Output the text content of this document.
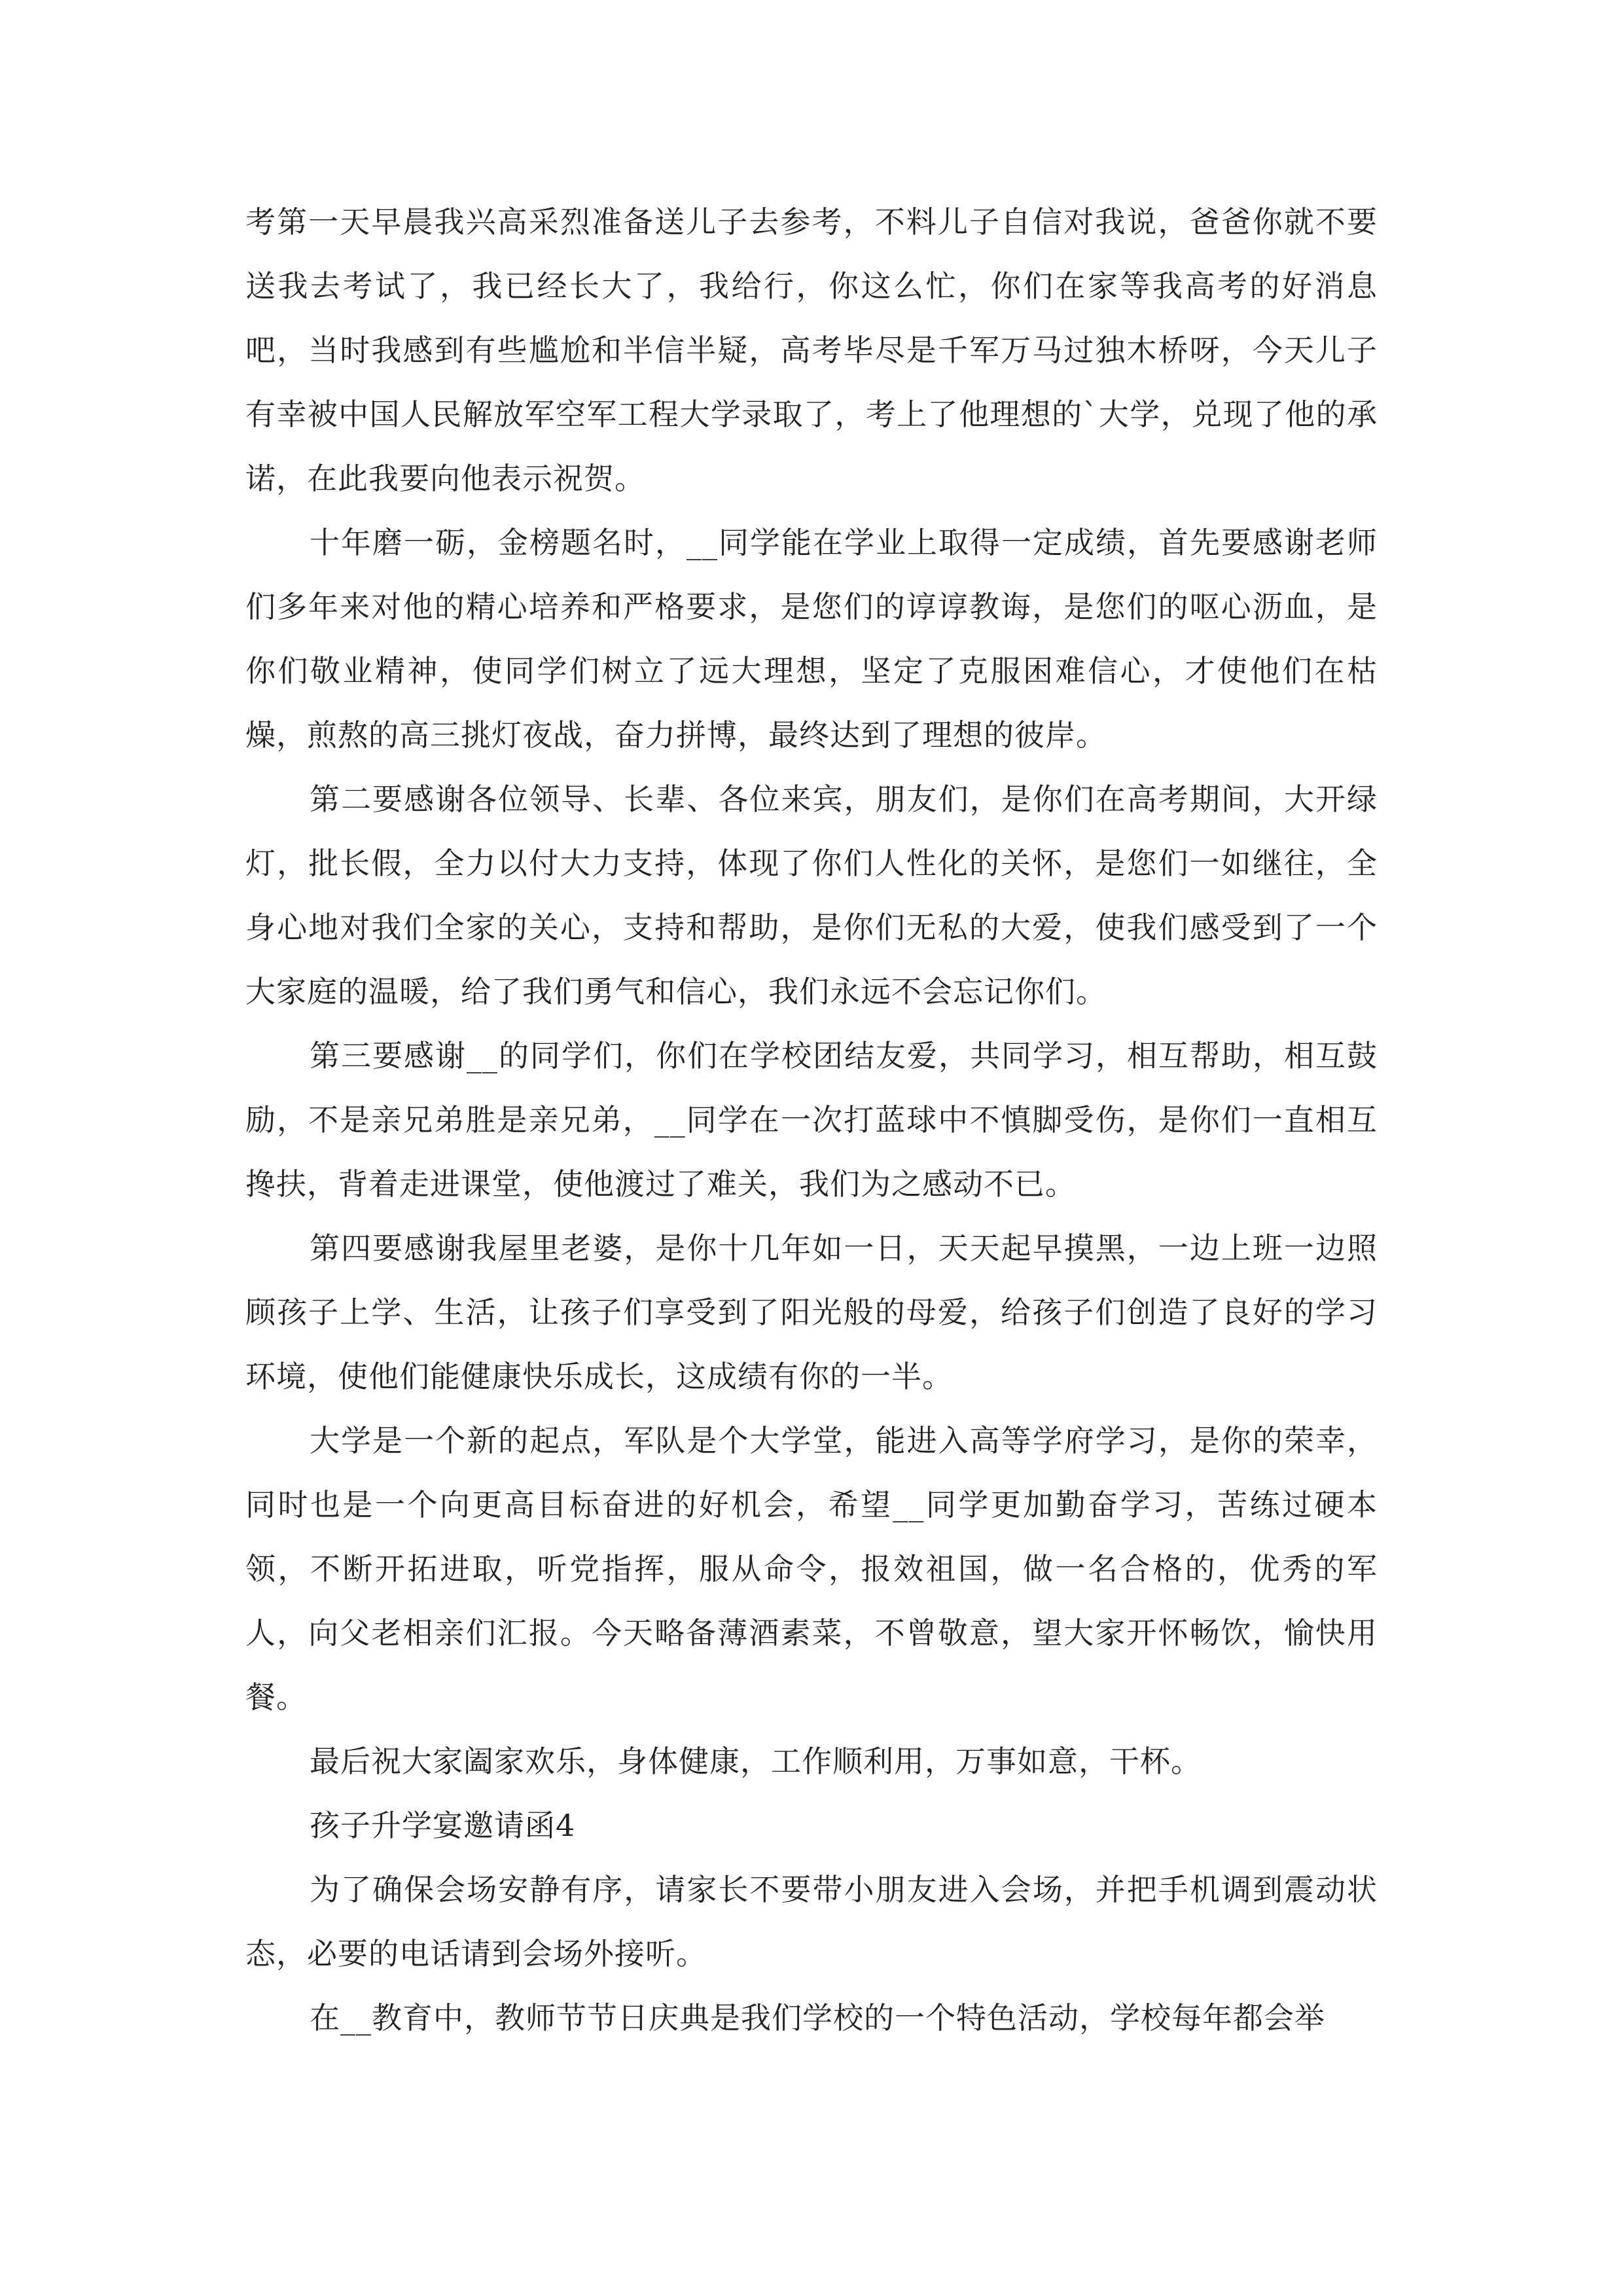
考第一天早晨我兴高采烈准备送儿子去参考，不料儿子自信对我说，爸爸你就不要送我去考试了，我已经长大了，我给行，你这么忙，你们在家等我高考的好消息吧，当时我感到有些尴尬和半信半疑，高考毕尽是千军万马过独木桥呀，今天儿子有幸被中国人民解放军空军工程大学录取了，考上了他理想的`大学，兑现了他的承诺，在此我要向他表示祝贺。

十年磨一砺，金榜题名时，__同学能在学业上取得一定成绩，首先要感谢老师们多年来对他的精心培养和严格要求，是您们的谆谆教诲，是您们的呕心沥血，是你们敬业精神，使同学们树立了远大理想，坚定了克服困难信心，才使他们在枯燥，煎熬的高三挑灯夜战，奋力拼博，最终达到了理想的彼岸。

第二要感谢各位领导、长辈、各位来宾，朋友们，是你们在高考期间，大开绿灯，批长假，全力以付大力支持，体现了你们人性化的关怀，是您们一如继往，全身心地对我们全家的关心，支持和帮助，是你们无私的大爱，使我们感受到了一个大家庭的温暖，给了我们勇气和信心，我们永远不会忘记你们。

第三要感谢__的同学们，你们在学校团结友爱，共同学习，相互帮助，相互鼓励，不是亲兄弟胜是亲兄弟，__同学在一次打蓝球中不慎脚受伤，是你们一直相互搀扶，背着走进课堂，使他渡过了难关，我们为之感动不已。

第四要感谢我屋里老婆，是你十几年如一日，天天起早摸黑，一边上班一边照顾孩子上学、生活，让孩子们享受到了阳光般的母爱，给孩子们创造了良好的学习环境，使他们能健康快乐成长，这成绩有你的一半。

大学是一个新的起点，军队是个大学堂，能进入高等学府学习，是你的荣幸，同时也是一个向更高目标奋进的好机会，希望__同学更加勤奋学习，苦练过硬本领，不断开拓进取，听党指挥，服从命令，报效祖国，做一名合格的，优秀的军人，向父老相亲们汇报。今天略备薄酒素菜，不曾敬意，望大家开怀畅饮，愉快用餐。

最后祝大家阖家欢乐，身体健康，工作顺利用，万事如意，干杯。

孩子升学宴邀请函4

为了确保会场安静有序，请家长不要带小朋友进入会场，并把手机调到震动状态，必要的电话请到会场外接听。

在__教育中，教师节节日庆典是我们学校的一个特色活动，学校每年都会举
